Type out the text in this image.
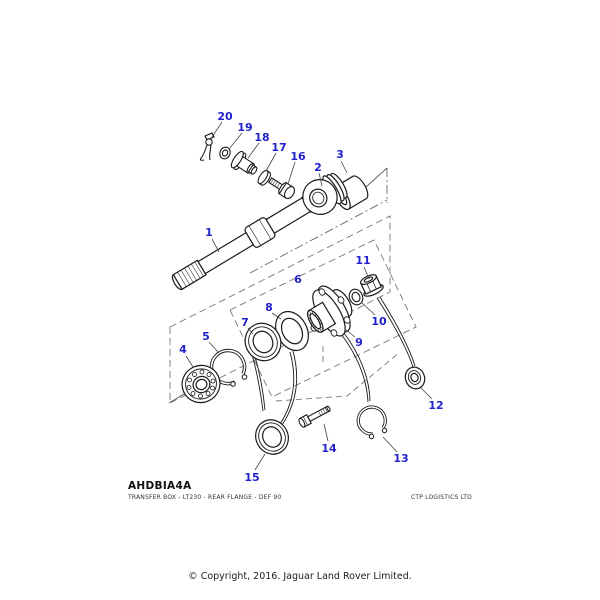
1
2
3
4
5
6
7
8
9
10
11
12
13
14
15
16
17
18
19
20
AHDBIA4A
TRANSFER BOX - LT230 - REAR FLANGE - DEF 90	CTP LOGISTICS LTD
© Copyright, 2016. Jaguar Land Rover Limited.
